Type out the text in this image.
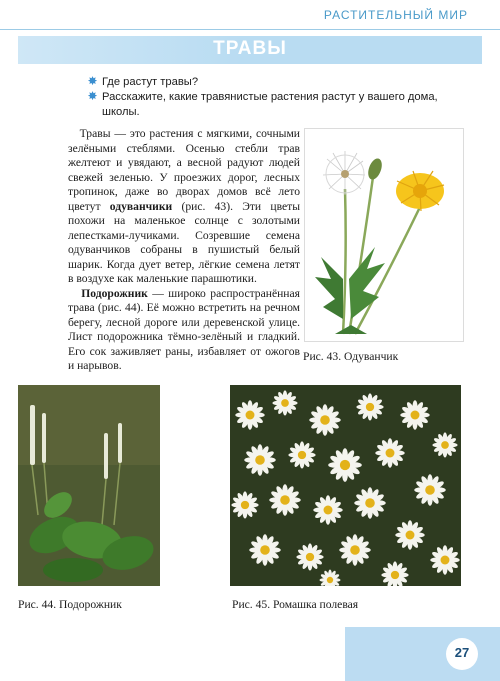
РАСТИТЕЛЬНЫЙ МИР
ТРАВЫ
✸ Где растут травы?
✸ Расскажите, какие травянистые растения растут у вашего дома, школы.

Травы — это растения с мягкими, сочными зелёными стеблями. Осенью стебли трав желтеют и увядают, а весной радуют людей свежей зеленью. У проезжих дорог, лесных тропинок, даже во дворах домов всё лето цветут одуванчики (рис. 43). Эти цветы похожи на маленькое солнце с золотыми лепестками-лучиками. Созревшие семена одуванчиков собраны в пушистый белый шарик. Когда дует ветер, лёгкие семена летят в воздухе как маленькие парашютики.

Подорожник — широко распространённая трава (рис. 44). Её можно встретить на речном берегу, лесной дороге или деревенской улице. Лист подорожника тёмно-зелёный и гладкий. Его сок заживляет раны, избавляет от ожогов и нарывов.

Рис. 43. Одуванчик
Рис. 44. Подорожник	Рис. 45. Ромашка полевая
27
